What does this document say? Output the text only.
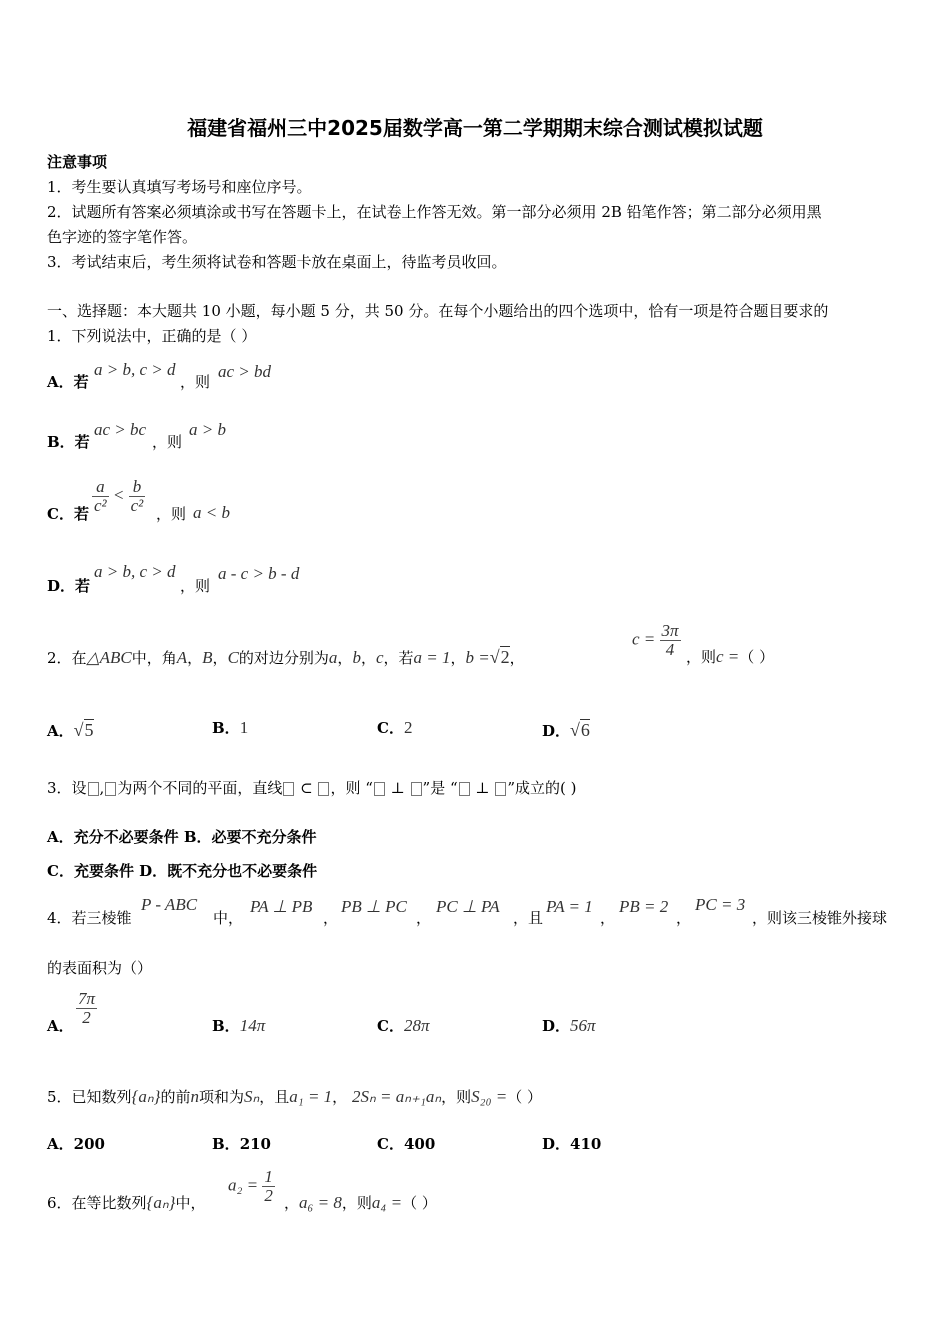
福建省福州三中2025届数学高一第二学期期末综合测试模拟试题
注意事项
1．考生要认真填写考场号和座位序号。
2．试题所有答案必须填涂或书写在答题卡上，在试卷上作答无效。第一部分必须用 2B 铅笔作答；第二部分必须用黑
色字迹的签字笔作答。
3．考试结束后，考生须将试卷和答题卡放在桌面上，待监考员收回。
一、选择题：本大题共 10 小题，每小题 5 分，共 50 分。在每个小题给出的四个选项中，恰有一项是符合题目要求的
1．下列说法中，正确的是（ ）
A．若
a > b, c > d
，则
ac > bd
B．若
ac > bc
，则
a > b
C．若 $\frac{a}{\text{c²}} < \frac{b}{\text{c²}}$ ，则 a < b
D．若
a > b, c > d
，则
a - c > b - d
2．在△ABC中，角A，B，C的对边分别为a，b，c，若a = 1，b =√2，
$c = \frac{3\pi}{4}$ ，则c =（ ）
A．√5	B．1	C．2	D．√6
3．设 , 为两个不同的平面，直线 ⊂ ，则 “ ⊥ ”是 “ ⊥ ”成立的( )
A．充分不必要条件 B．必要不充分条件
C．充要条件 D．既不充分也不必要条件
4．若三棱锥
P - ABC
中，
PA ⊥ PB
，
PB ⊥ PC
，
PC ⊥ PA
，且
PA = 1
，
PB = 2
，
PC = 3
，则该三棱锥外接球
的表面积为（）
A． $\frac{7\pi}{2}$	B．14π	C．28π	D．56π
5．已知数列{aₙ}的前n项和为Sₙ，且a₁ = 1， 2Sₙ = aₙ₊₁aₙ，则S₂₀ =（ ）
A．200	B．210	C．400	D．410
6．在等比数列{aₙ}中，
$a_2 = \frac{1}{2}$ ，a₆ = 8，则a₄ =（ ）
